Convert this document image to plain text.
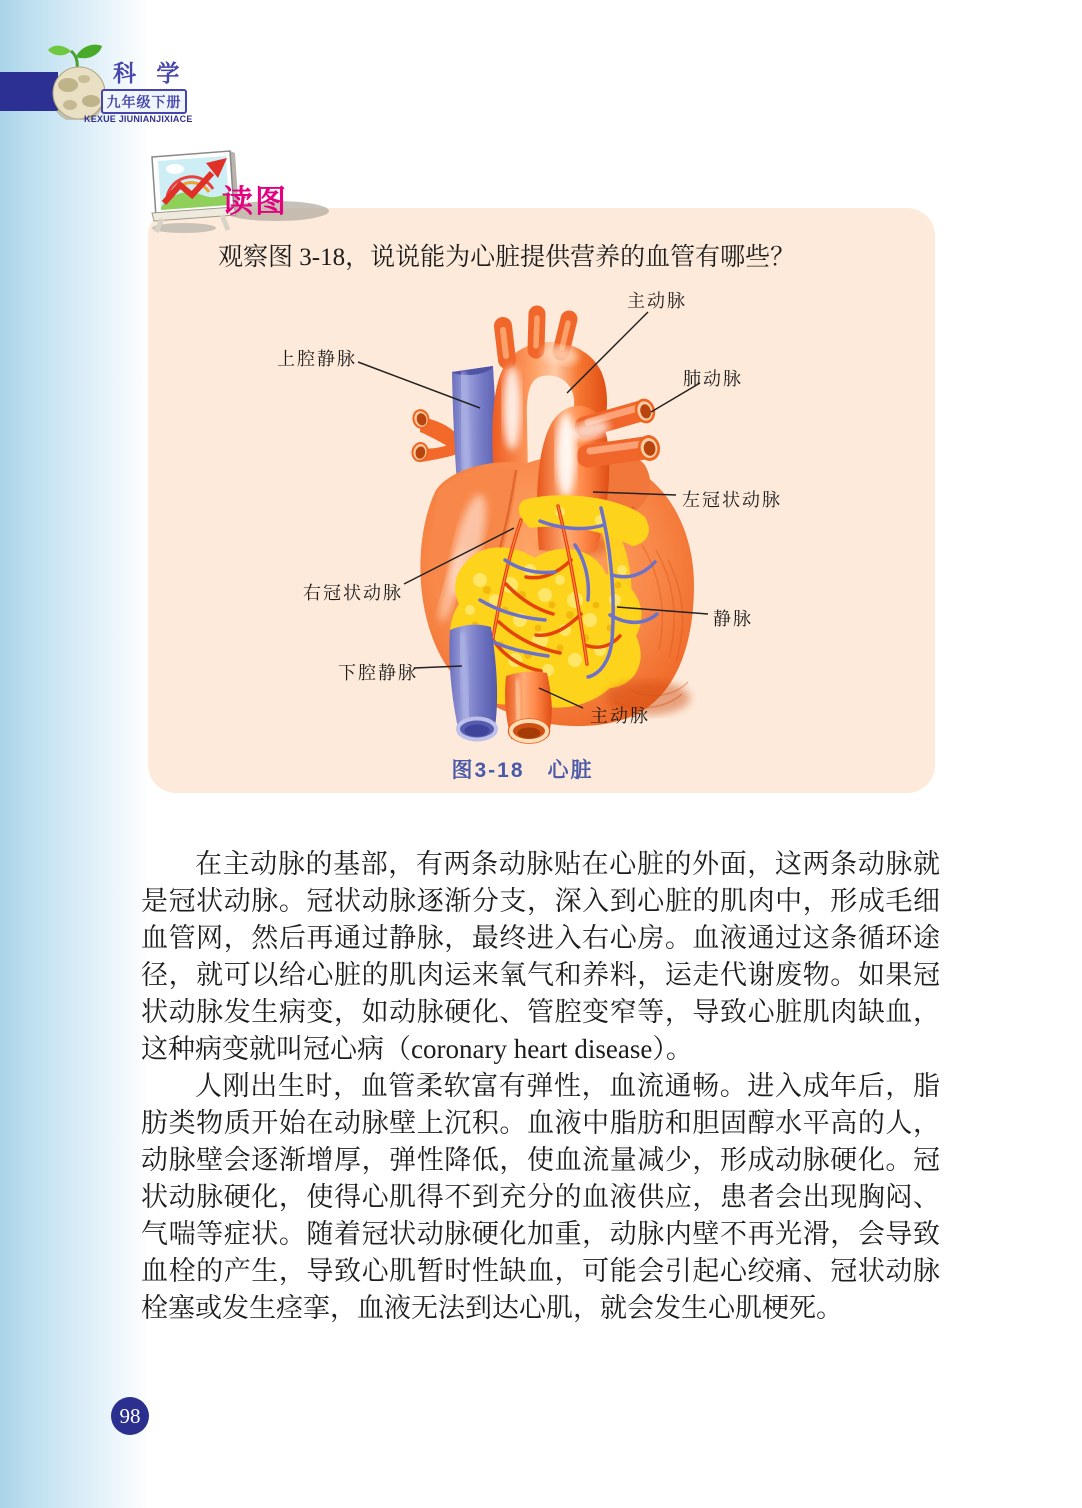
科 学
九年级下册
KEXUE JIUNIANJIXIACE
读图
观察图 3-18，说说能为心脏提供营养的血管有哪些？
主动脉
上腔静脉
肺动脉
左冠状动脉
右冠状动脉
静脉
下腔静脉
主动脉
图3-18　心脏

在主动脉的基部，有两条动脉贴在心脏的外面，这两条动脉就是冠状动脉。冠状动脉逐渐分支，深入到心脏的肌肉中，形成毛细血管网，然后再通过静脉，最终进入右心房。血液通过这条循环途径，就可以给心脏的肌肉运来氧气和养料，运走代谢废物。如果冠状动脉发生病变，如动脉硬化、管腔变窄等，导致心脏肌肉缺血，这种病变就叫冠心病（coronary heart disease）。

人刚出生时，血管柔软富有弹性，血流通畅。进入成年后，脂肪类物质开始在动脉壁上沉积。血液中脂肪和胆固醇水平高的人，动脉壁会逐渐增厚，弹性降低，使血流量减少，形成动脉硬化。冠状动脉硬化，使得心肌得不到充分的血液供应，患者会出现胸闷、气喘等症状。随着冠状动脉硬化加重，动脉内壁不再光滑，会导致血栓的产生，导致心肌暂时性缺血，可能会引起心绞痛、冠状动脉栓塞或发生痉挛，血液无法到达心肌，就会发生心肌梗死。

98
